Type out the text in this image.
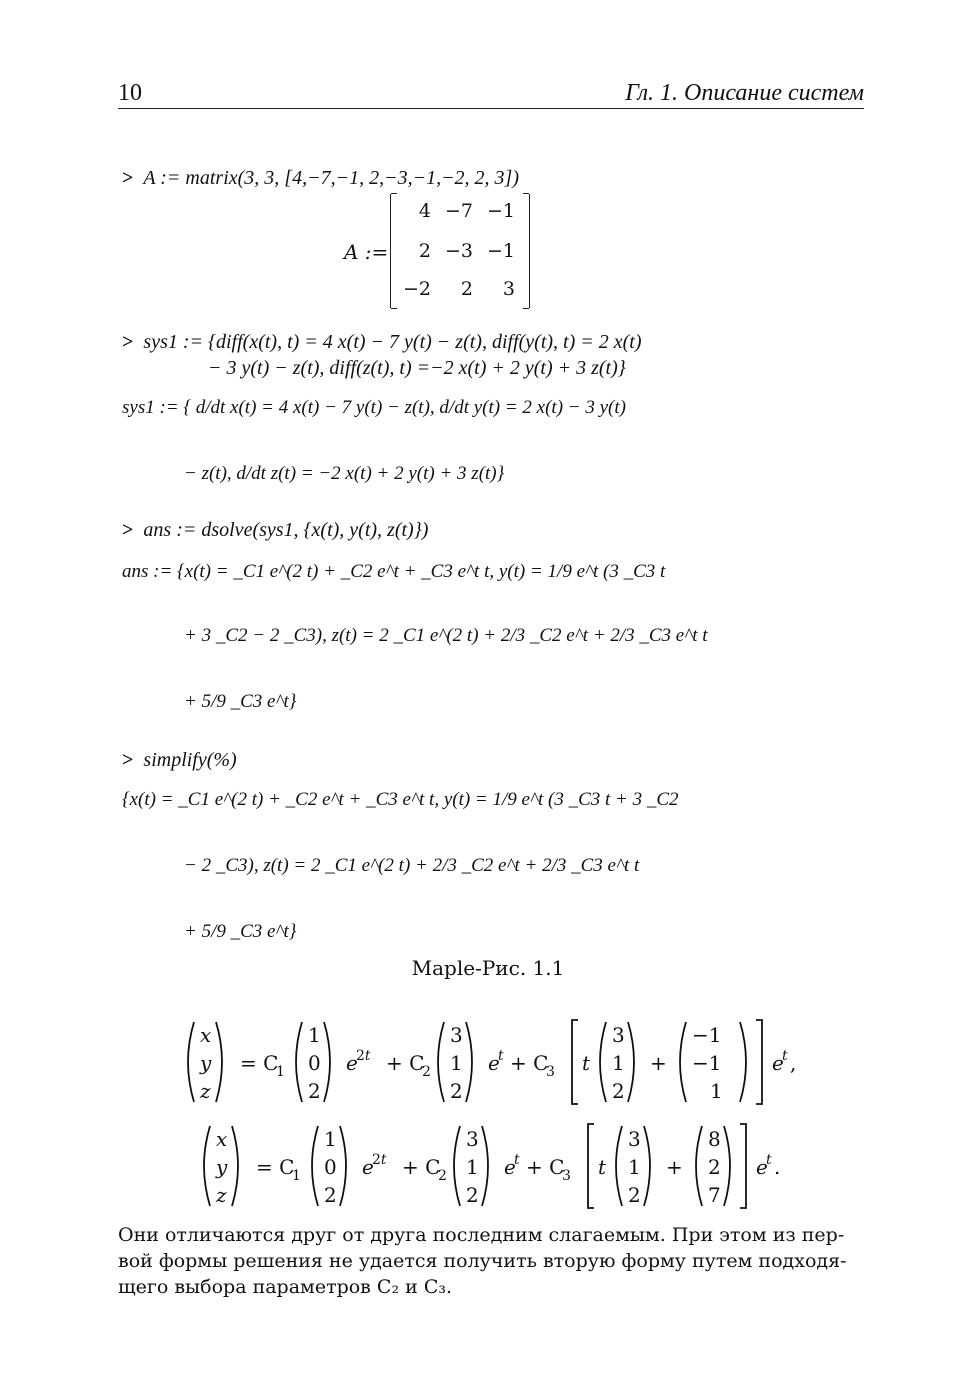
10	Гл. 1. Описание систем
> A := matrix(3, 3, [4,−7,−1, 2,−3,−1,−2, 2, 3])
A :=
4 −7 −1
2 −3 −1
−2	2	3
> sys1 := {diff(x(t), t) = 4 x(t) − 7 y(t) − z(t), diff(y(t), t) = 2 x(t)
− 3 y(t) − z(t), diff(z(t), t) =−2 x(t) + 2 y(t) + 3 z(t)}
sys1 := { d/dt x(t) = 4 x(t) − 7 y(t) − z(t), d/dt y(t) = 2 x(t) − 3 y(t)
− z(t), d/dt z(t) = −2 x(t) + 2 y(t) + 3 z(t)}
> ans := dsolve(sys1, {x(t), y(t), z(t)})
ans := {x(t) = _C1 e^(2 t) + _C2 e^t + _C3 e^t t, y(t) = 1/9 e^t (3 _C3 t
+ 3 _C2 − 2 _C3), z(t) = 2 _C1 e^(2 t) + 2/3 _C2 e^t + 2/3 _C3 e^t t
+ 5/9 _C3 e^t}
> simplify(%)
{x(t) = _C1 e^(2 t) + _C2 e^t + _C3 e^t t, y(t) = 1/9 e^t (3 _C3 t + 3 _C2
− 2 _C3), z(t) = 2 _C1 e^(2 t) + 2/3 _C2 e^t + 2/3 _C3 e^t t
+ 5/9 _C3 e^t}
Maple-Рис. 1.1
x
y
z
= C
1
1
0
2
e
2t + C
2
3
1
2
e
t + C
3 t
3
1
2
+
−1
−1
1
e
t ,
x
y
z
= C
1
1
0
2
e
2t + C
2
3
1
2
e
t + C
3 t
3
1
2
+
8
2
7
e
t .
Они отличаются друг от друга последним слагаемым. При этом из пер-
вой формы решения не удается получить вторую форму путем подходя-
щего выбора параметров C₂ и C₃.
